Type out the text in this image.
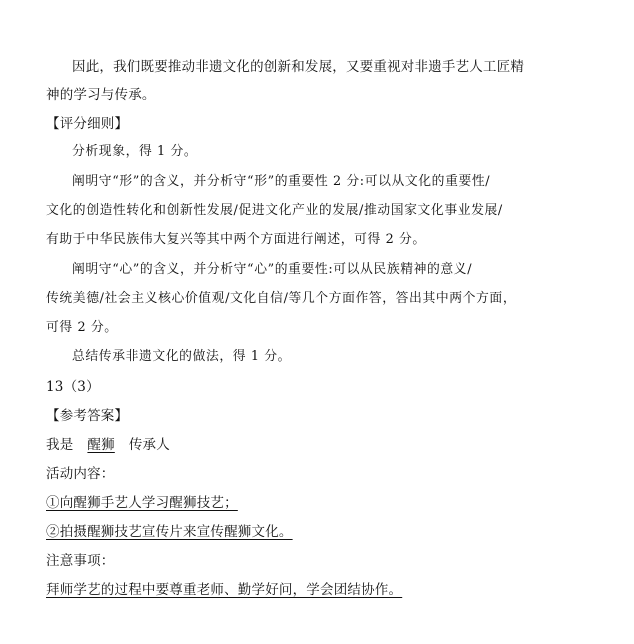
因此，我们既要推动非遗文化的创新和发展，又要重视对非遗手艺人工匠精
神的学习与传承。
【评分细则】
分析现象，得 1 分。
阐明守“形”的含义，并分析守“形”的重要性 2 分:可以从文化的重要性/
文化的创造性转化和创新性发展/促进文化产业的发展/推动国家文化事业发展/
有助于中华民族伟大复兴等其中两个方面进行阐述，可得 2 分。
阐明守“心”的含义，并分析守“心”的重要性:可以从民族精神的意义/
传统美德/社会主义核心价值观/文化自信/等几个方面作答，答出其中两个方面，
可得 2 分。
总结传承非遗文化的做法，得 1 分。
13（3）
【参考答案】
我是 醒狮 传承人
活动内容：
①向醒狮手艺人学习醒狮技艺；
②拍摄醒狮技艺宣传片来宣传醒狮文化。
注意事项：
拜师学艺的过程中要尊重老师、勤学好问，学会团结协作。
